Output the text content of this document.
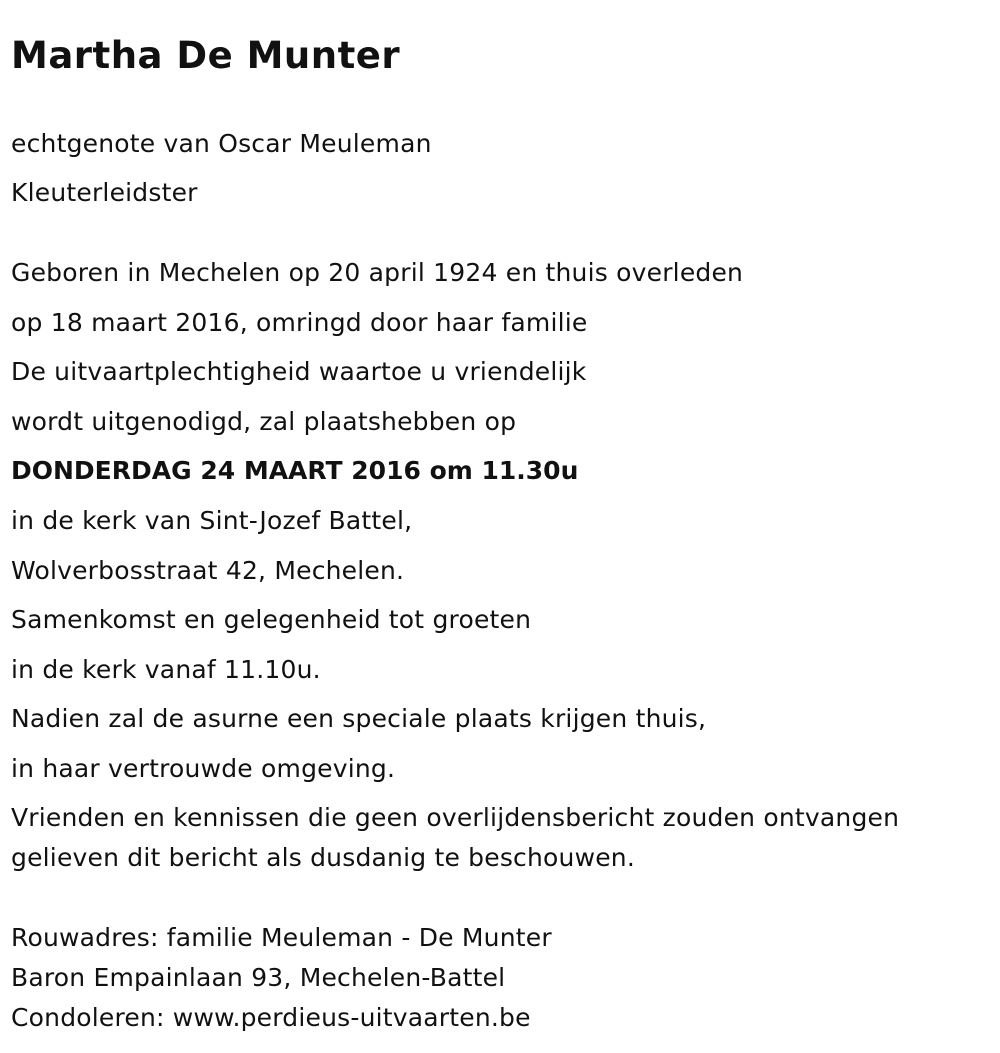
Martha De Munter

echtgenote van Oscar Meuleman

Kleuterleidster

Geboren in Mechelen op 20 april 1924 en thuis overleden

op 18 maart 2016, omringd door haar familie

De uitvaartplechtigheid waartoe u vriendelijk

wordt uitgenodigd, zal plaatshebben op

DONDERDAG 24 MAART 2016 om 11.30u

in de kerk van Sint-Jozef Battel,

Wolverbosstraat 42, Mechelen.

Samenkomst en gelegenheid tot groeten

in de kerk vanaf 11.10u.

Nadien zal de asurne een speciale plaats krijgen thuis,

in haar vertrouwde omgeving.

Vrienden en kennissen die geen overlijdensbericht zouden ontvangen

gelieven dit bericht als dusdanig te beschouwen.

Rouwadres: familie Meuleman - De Munter

Baron Empainlaan 93, Mechelen-Battel

Condoleren: www.perdieus-uitvaarten.be
